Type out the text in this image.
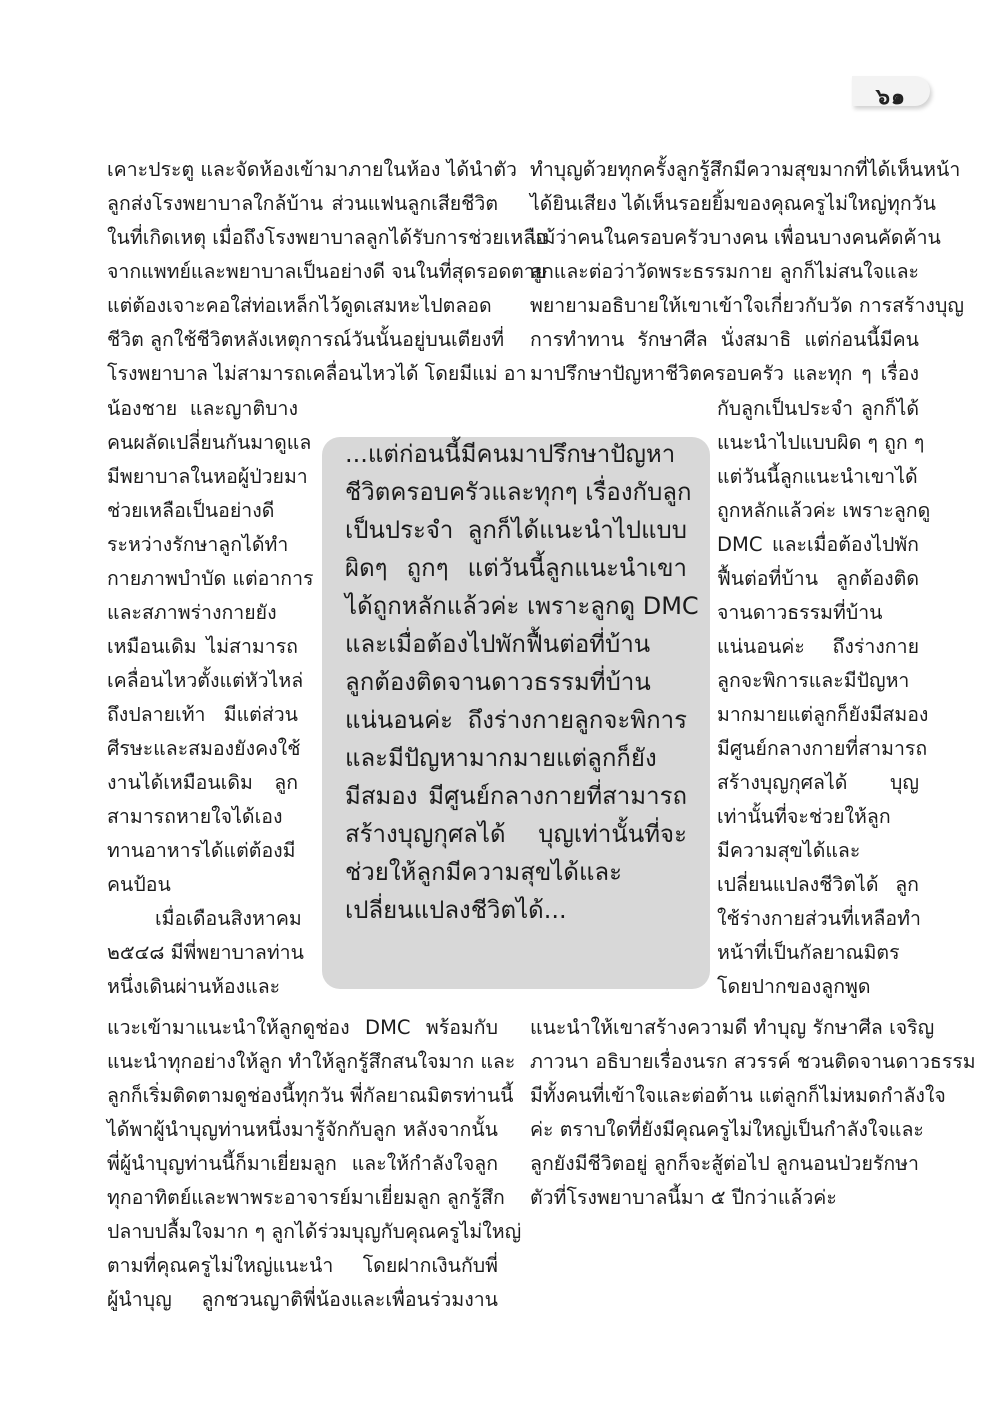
๖๑

เคาะประตู และจัดห้องเข้ามาภายในห้อง ได้นำตัว

ลูกส่งโรงพยาบาลใกล้บ้าน ส่วนแฟนลูกเสียชีวิต

ในที่เกิดเหตุ เมื่อถึงโรงพยาบาลลูกได้รับการช่วยเหลือ

จากแพทย์และพยาบาลเป็นอย่างดี จนในที่สุดรอดตาย

แต่ต้องเจาะคอใส่ท่อเหล็กไว้ดูดเสมหะไปตลอด

ชีวิต ลูกใช้ชีวิตหลังเหตุการณ์วันนั้นอยู่บนเตียงที่

โรงพยาบาล ไม่สามารถเคลื่อนไหวได้ โดยมีแม่ อา

ทำบุญด้วยทุกครั้งลูกรู้สึกมีความสุขมากที่ได้เห็นหน้า

ได้ยินเสียง ได้เห็นรอยยิ้มของคุณครูไม่ใหญ่ทุกวัน

แม้ว่าคนในครอบครัวบางคน เพื่อนบางคนคัดค้าน

ลูกและต่อว่าวัดพระธรรมกาย ลูกก็ไม่สนใจและ

พยายามอธิบายให้เขาเข้าใจเกี่ยวกับวัด การสร้างบุญ

การทำทาน รักษาศีล นั่งสมาธิ แต่ก่อนนี้มีคน

มาปรึกษาปัญหาชีวิตครอบครัว และทุก ๆ เรื่อง

น้องชาย และญาติบาง

คนผลัดเปลี่ยนกันมาดูแล

มีพยาบาลในหอผู้ป่วยมา

ช่วยเหลือเป็นอย่างดี

ระหว่างรักษาลูกได้ทำ

กายภาพบำบัด แต่อาการ

และสภาพร่างกายยัง

เหมือนเดิม ไม่สามารถ

เคลื่อนไหวตั้งแต่หัวไหล่

ถึงปลายเท้า มีแต่ส่วน

ศีรษะและสมองยังคงใช้

งานได้เหมือนเดิม ลูก

สามารถหายใจได้เอง

ทานอาหารได้แต่ต้องมี

คนป้อน

เมื่อเดือนสิงหาคม

๒๕๔๘ มีพี่พยาบาลท่าน

หนึ่งเดินผ่านห้องและ

กับลูกเป็นประจำ ลูกก็ได้

แนะนำไปแบบผิด ๆ ถูก ๆ

แต่วันนี้ลูกแนะนำเขาได้

ถูกหลักแล้วค่ะ เพราะลูกดู

DMC และเมื่อต้องไปพัก

ฟื้นต่อที่บ้าน ลูกต้องติด

จานดาวธรรมที่บ้าน

แน่นอนค่ะ ถึงร่างกาย

ลูกจะพิการและมีปัญหา

มากมายแต่ลูกก็ยังมีสมอง

มีศูนย์กลางกายที่สามารถ

สร้างบุญกุศลได้ บุญ

เท่านั้นที่จะช่วยให้ลูก

มีความสุขได้และ

เปลี่ยนแปลงชีวิตได้ ลูก

ใช้ร่างกายส่วนที่เหลือทำ

หน้าที่เป็นกัลยาณมิตร

โดยปากของลูกพูด

...แต่ก่อนนี้มีคนมาปรึกษาปัญหา

ชีวิตครอบครัวและทุกๆ เรื่องกับลูก

เป็นประจำ ลูกก็ได้แนะนำไปแบบ

ผิดๆ ถูกๆ แต่วันนี้ลูกแนะนำเขา

ได้ถูกหลักแล้วค่ะ เพราะลูกดู DMC

และเมื่อต้องไปพักฟื้นต่อที่บ้าน

ลูกต้องติดจานดาวธรรมที่บ้าน

แน่นอนค่ะ ถึงร่างกายลูกจะพิการ

และมีปัญหามากมายแต่ลูกก็ยัง

มีสมอง มีศูนย์กลางกายที่สามารถ

สร้างบุญกุศลได้ บุญเท่านั้นที่จะ

ช่วยให้ลูกมีความสุขได้และ

เปลี่ยนแปลงชีวิตได้...

แวะเข้ามาแนะนำให้ลูกดูช่อง DMC พร้อมกับ

แนะนำทุกอย่างให้ลูก ทำให้ลูกรู้สึกสนใจมาก และ

ลูกก็เริ่มติดตามดูช่องนี้ทุกวัน พี่กัลยาณมิตรท่านนี้

ได้พาผู้นำบุญท่านหนึ่งมารู้จักกับลูก หลังจากนั้น

พี่ผู้นำบุญท่านนี้ก็มาเยี่ยมลูก และให้กำลังใจลูก

ทุกอาทิตย์และพาพระอาจารย์มาเยี่ยมลูก ลูกรู้สึก

ปลาบปลื้มใจมาก ๆ ลูกได้ร่วมบุญกับคุณครูไม่ใหญ่

ตามที่คุณครูไม่ใหญ่แนะนำ โดยฝากเงินกับพี่

ผู้นำบุญ ลูกชวนญาติพี่น้องและเพื่อนร่วมงาน

แนะนำให้เขาสร้างความดี ทำบุญ รักษาศีล เจริญ

ภาวนา อธิบายเรื่องนรก สวรรค์ ชวนติดจานดาวธรรม

มีทั้งคนที่เข้าใจและต่อต้าน แต่ลูกก็ไม่หมดกำลังใจ

ค่ะ ตราบใดที่ยังมีคุณครูไม่ใหญ่เป็นกำลังใจและ

ลูกยังมีชีวิตอยู่ ลูกก็จะสู้ต่อไป ลูกนอนป่วยรักษา

ตัวที่โรงพยาบาลนี้มา ๕ ปีกว่าแล้วค่ะ
